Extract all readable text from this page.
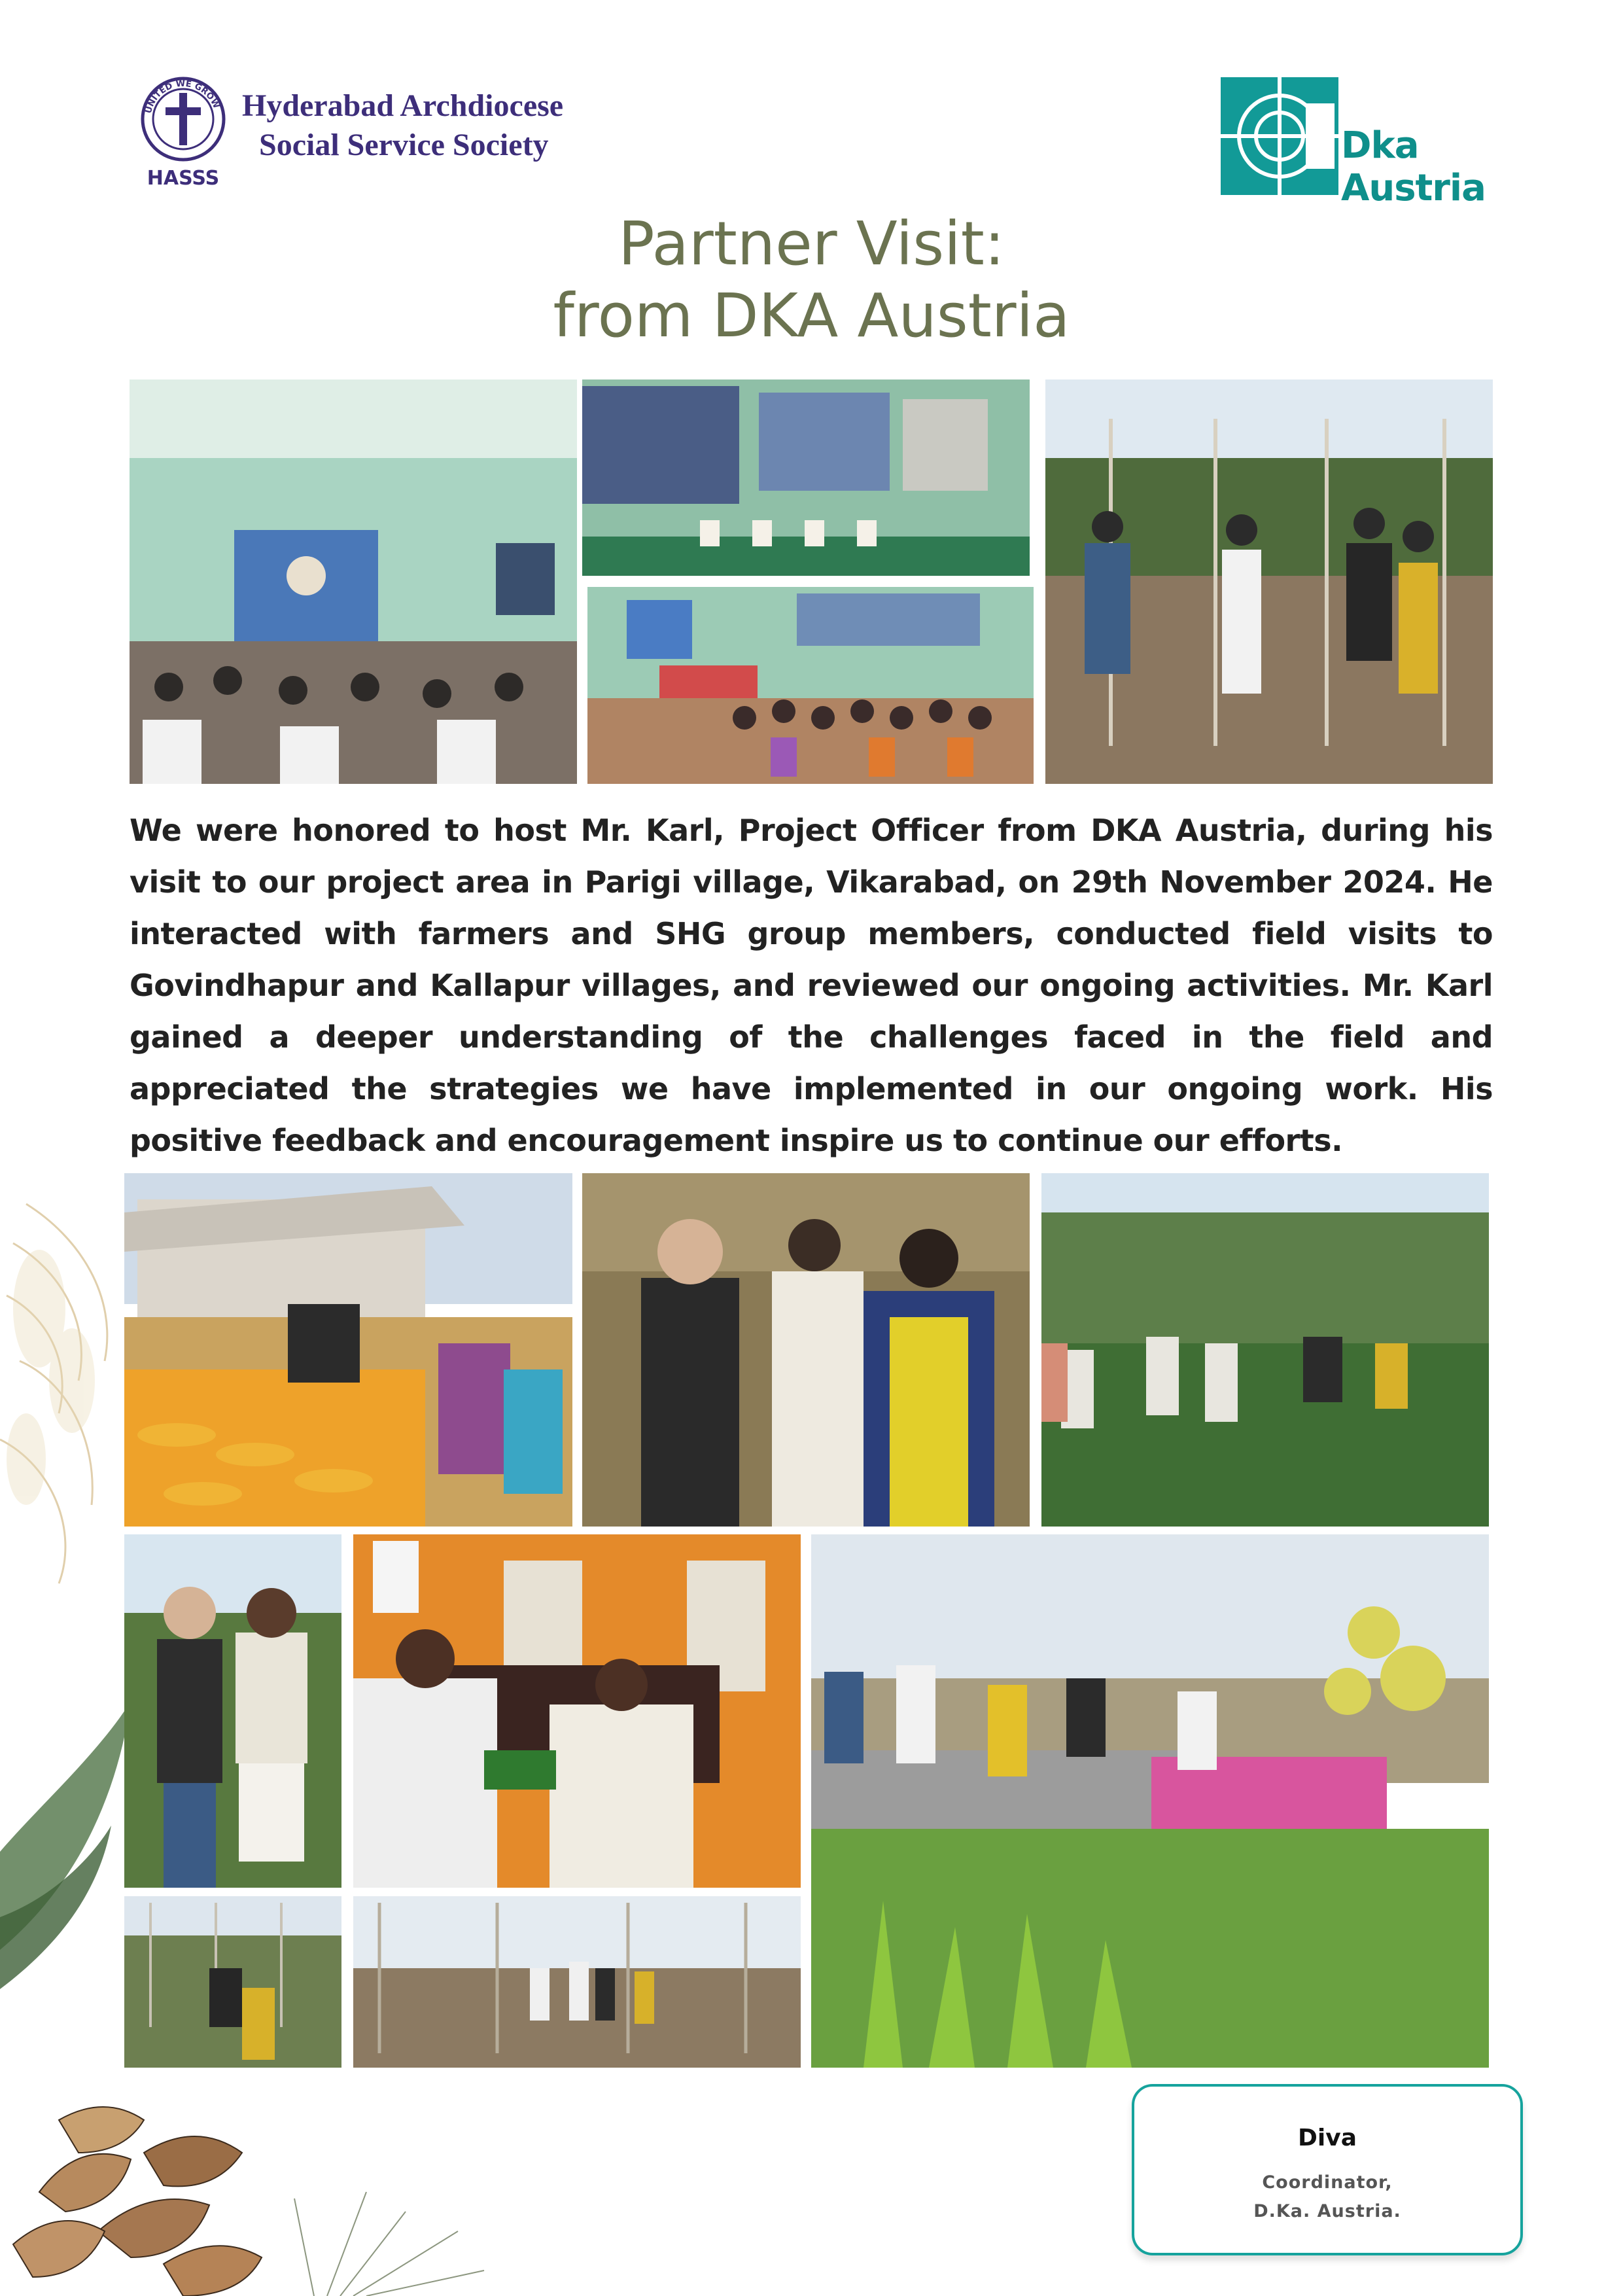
UNITED WE GROW
HASSS
Hyderabad Archdiocese
Social Service Society	Dka Austria
Partner Visit:
from DKA Austria

We were honored to host Mr. Karl, Project Officer from DKA Austria, during his visit to our project area in Parigi village, Vikarabad, on 29th November 2024. He interacted with farmers and SHG group members, conducted field visits to Govindhapur and Kallapur villages, and reviewed our ongoing activities. Mr. Karl gained a deeper understanding of the challenges faced in the field and appreciated the strategies we have implemented in our ongoing work. His positive feedback and encouragement inspire us to continue our efforts.

Diva
Coordinator,
D.Ka. Austria.
